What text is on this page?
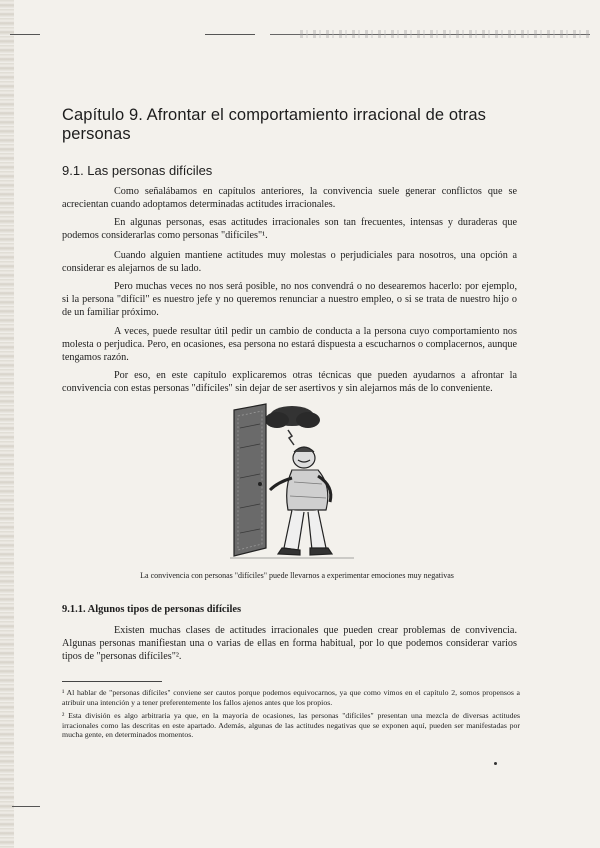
Capítulo 9. Afrontar el comportamiento irracional de otras personas
9.1. Las personas difíciles

Como señalábamos en capítulos anteriores, la convivencia suele generar conflictos que se acrecientan cuando adoptamos determinadas actitudes irracionales.

En algunas personas, esas actitudes irracionales son tan frecuentes, intensas y duraderas que podemos considerarlas como personas "difíciles"¹.

Cuando alguien mantiene actitudes muy molestas o perjudiciales para nosotros, una opción a considerar es alejarnos de su lado.

Pero muchas veces no nos será posible, no nos convendrá o no desearemos hacerlo: por ejemplo, si la persona "difícil" es nuestro jefe y no queremos renunciar a nuestro empleo, o si se trata de nuestro hijo o de un familiar próximo.

A veces, puede resultar útil pedir un cambio de conducta a la persona cuyo comportamiento nos molesta o perjudica. Pero, en ocasiones, esa persona no estará dispuesta a escucharnos o complacernos, aunque tengamos razón.

Por eso, en este capítulo explicaremos otras técnicas que pueden ayudarnos a afrontar la convivencia con estas personas "difíciles" sin dejar de ser asertivos y sin alejarnos más de lo conveniente.

La convivencia con personas "difíciles" puede llevarnos a experimentar emociones muy negativas

9.1.1. Algunos tipos de personas difíciles

Existen muchas clases de actitudes irracionales que pueden crear problemas de convivencia. Algunas personas manifiestan una o varias de ellas en forma habitual, por lo que podemos considerar varios tipos de "personas difíciles"².

¹ Al hablar de "personas difíciles" conviene ser cautos porque podemos equivocarnos, ya que como vimos en el capítulo 2, somos propensos a atribuir una intención y a tener preferentemente los fallos ajenos antes que los propios.

² Esta división es algo arbitraria ya que, en la mayoría de ocasiones, las personas "difíciles" presentan una mezcla de diversas actitudes irracionales como las descritas en este apartado. Además, algunas de las actitudes negativas que se exponen aquí, pueden ser manifestadas por mucha gente, en determinados momentos.
